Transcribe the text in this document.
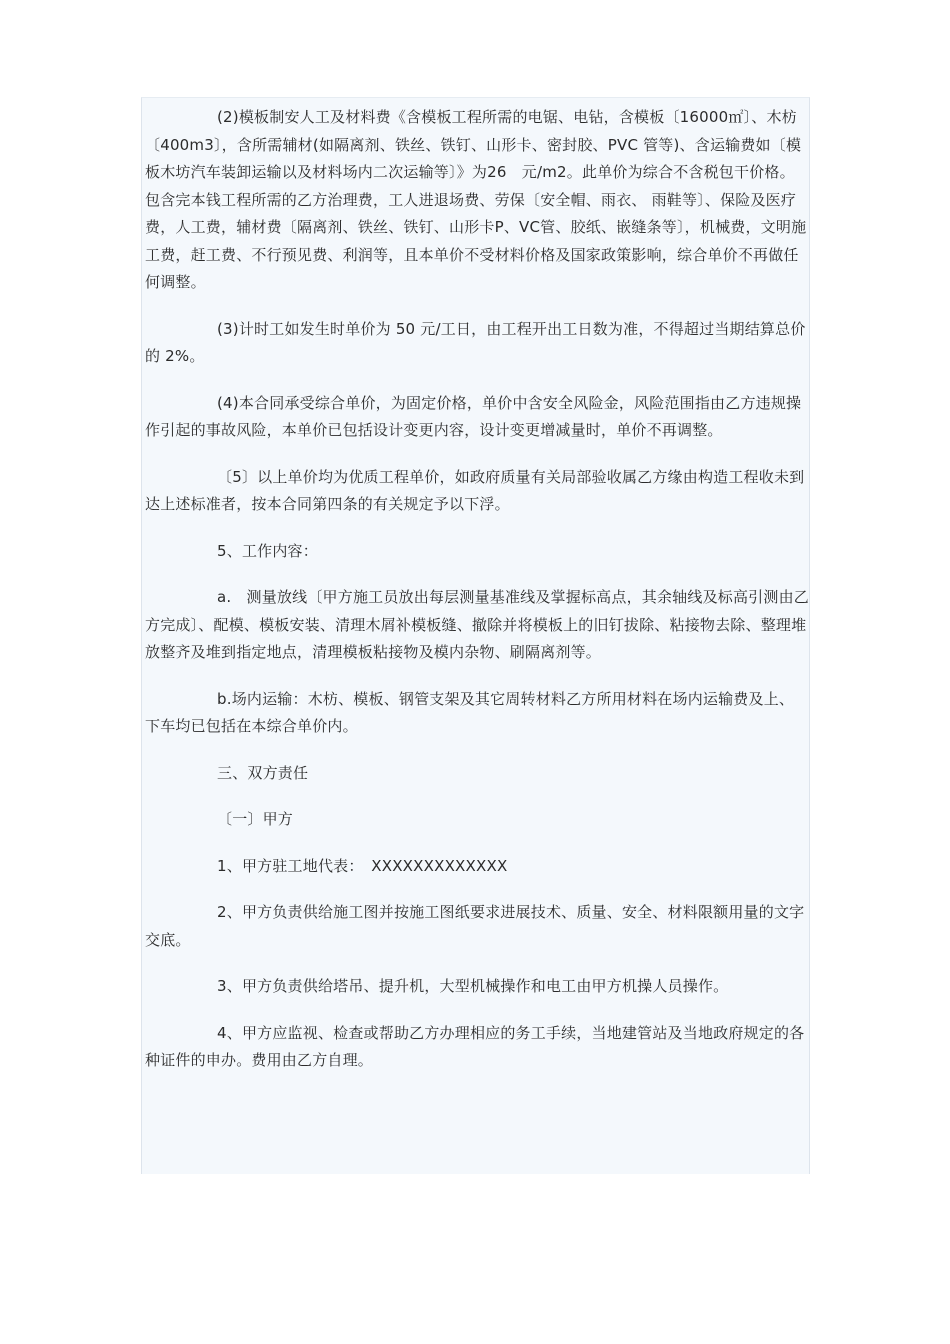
(2)模板制安人工及材料费《含模板工程所需的电锯、电钻，含模板〔16000㎡〕、木枋〔400m3〕，含所需辅材(如隔离剂、铁丝、铁钉、山形卡、密封胶、PVC 管等)、含运输费如〔模板木坊汽车装卸运输以及材料场内二次运输等〕》为26　元/m2。此单价为综合不含税包干价格。包含完本钱工程所需的乙方治理费，工人进退场费、劳保〔安全帽、雨衣、 雨鞋等〕、保险及医疗费，人工费，辅材费〔隔离剂、铁丝、铁钉、山形卡P、VC管、胶纸、嵌缝条等〕，机械费，文明施工费，赶工费、不行预见费、利润等，且本单价不受材料价格及国家政策影响，综合单价不再做任何调整。

(3)计时工如发生时单价为 50 元/工日，由工程开出工日数为准，不得超过当期结算总价的 2%。

(4)本合同承受综合单价，为固定价格，单价中含安全风险金，风险范围指由乙方违规操作引起的事故风险，本单价已包括设计变更内容，设计变更增减量时，单价不再调整。

〔5〕以上单价均为优质工程单价，如政府质量有关局部验收属乙方缘由构造工程收未到达上述标准者，按本合同第四条的有关规定予以下浮。

5、工作内容：

a.　测量放线〔甲方施工员放出每层测量基准线及掌握标高点，其余轴线及标高引测由乙方完成〕、配模、模板安装、清理木屑补模板缝、撤除并将模板上的旧钉拔除、粘接物去除、整理堆放整齐及堆到指定地点，清理模板粘接物及模内杂物、刷隔离剂等。

b.场内运输：木枋、模板、钢管支架及其它周转材料乙方所用材料在场内运输费及上、下车均已包括在本综合单价内。

三、双方责任

〔一〕甲方

1、甲方驻工地代表：　XXXXXXXXXXXXX

2、甲方负责供给施工图并按施工图纸要求进展技术、质量、安全、材料限额用量的文字交底。

3、甲方负责供给塔吊、提升机，大型机械操作和电工由甲方机操人员操作。

4、甲方应监视、检查或帮助乙方办理相应的务工手续，当地建管站及当地政府规定的各种证件的申办。费用由乙方自理。
